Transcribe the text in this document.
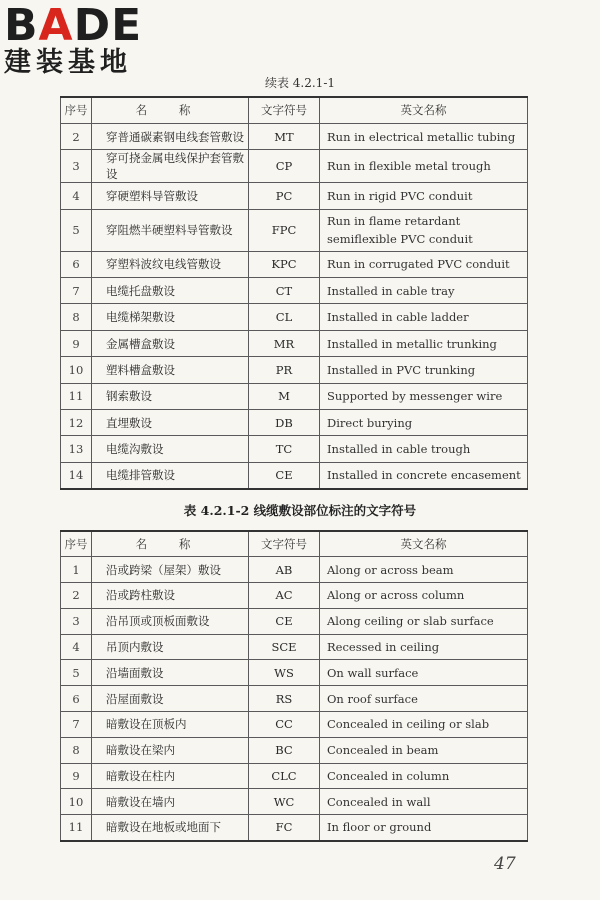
BADE
建装基地
续表 4.2.1-1
序号	名 称	文字符号	英文名称
2	穿普通碳素钢电线套管敷设	MT	Run in electrical metallic tubing

3	穿可挠金属电线保护套管敷设	CP	Run in flexible metal trough

4	穿硬塑料导管敷设	PC	Run in rigid PVC conduit

5	穿阻燃半硬塑料导管敷设	FPC	Run in flame retardant
semiflexible PVC conduit

6	穿塑料波纹电线管敷设	KPC	Run in corrugated PVC conduit

7	电缆托盘敷设	CT	Installed in cable tray

8	电缆梯架敷设	CL	Installed in cable ladder

9	金属槽盒敷设	MR	Installed in metallic trunking

10	塑料槽盒敷设	PR	Installed in PVC trunking

11	钢索敷设	M	Supported by messenger wire

12	直埋敷设	DB	Direct burying

13	电缆沟敷设	TC	Installed in cable trough

14	电缆排管敷设	CE	Installed in concrete encasement
表 4.2.1-2 线缆敷设部位标注的文字符号
序号	名 称	文字符号	英文名称
1	沿或跨梁（屋架）敷设	AB	Along or across beam

2	沿或跨柱敷设	AC	Along or across column

3	沿吊顶或顶板面敷设	CE	Along ceiling or slab surface

4	吊顶内敷设	SCE	Recessed in ceiling

5	沿墙面敷设	WS	On wall surface

6	沿屋面敷设	RS	On roof surface

7	暗敷设在顶板内	CC	Concealed in ceiling or slab

8	暗敷设在梁内	BC	Concealed in beam

9	暗敷设在柱内	CLC	Concealed in column

10	暗敷设在墙内	WC	Concealed in wall

11	暗敷设在地板或地面下	FC	In floor or ground
47
